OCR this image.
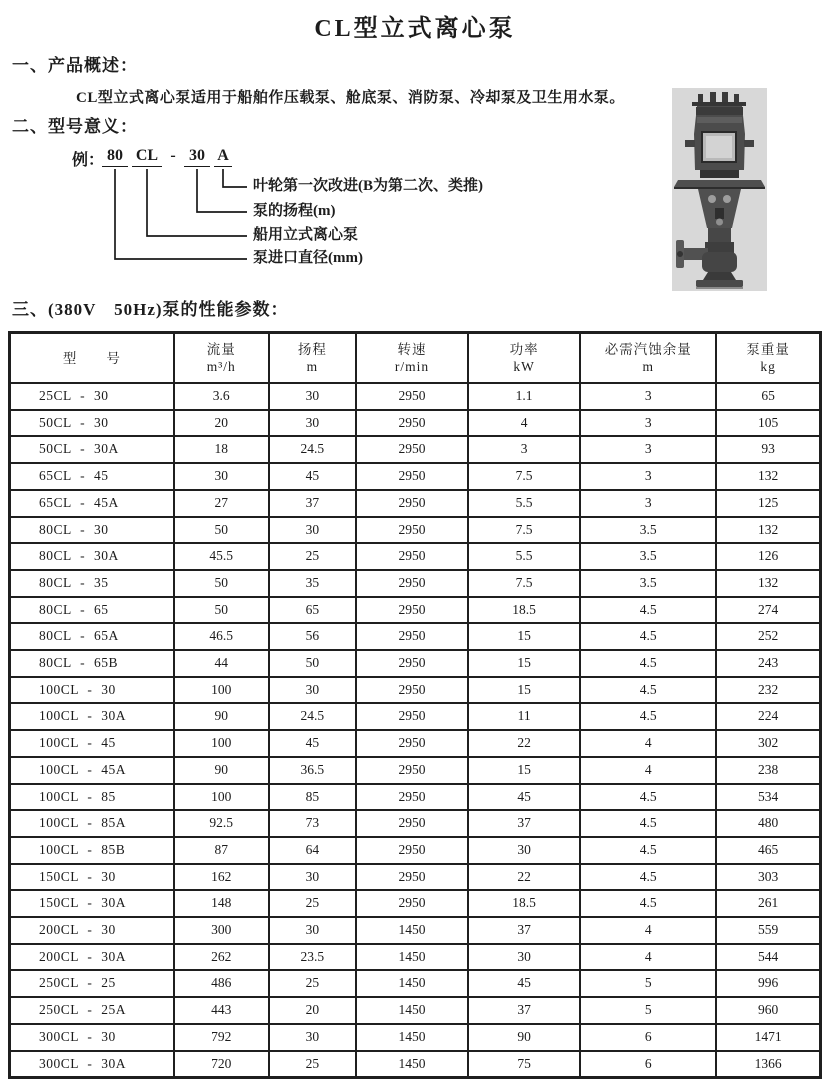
CL型立式离心泵
一、产品概述：
CL型立式离心泵适用于船舶作压载泵、舱底泵、消防泵、冷却泵及卫生用水泵。
二、型号意义：
例： 80 CL - 30 A
叶轮第一次改进(B为第二次、类推)
泵的扬程(m)
船用立式离心泵
泵进口直径(mm)
三、(380V　50Hz)泵的性能参数：
型　　号

流量
m³/h

扬程
m

转速
r/min

功率
kW

必需汽蚀余量
m

泵重量
kg

25CL - 30	3.6	30	2950	1.1	3	65
50CL - 30	20	30	2950	4	3	105
50CL - 30A	18	24.5	2950	3	3	93
65CL - 45	30	45	2950	7.5	3	132
65CL - 45A	27	37	2950	5.5	3	125
80CL - 30	50	30	2950	7.5	3.5	132
80CL - 30A	45.5	25	2950	5.5	3.5	126
80CL - 35	50	35	2950	7.5	3.5	132
80CL - 65	50	65	2950	18.5	4.5	274
80CL - 65A	46.5	56	2950	15	4.5	252
80CL - 65B	44	50	2950	15	4.5	243
100CL - 30	100	30	2950	15	4.5	232
100CL - 30A	90	24.5	2950	11	4.5	224
100CL - 45	100	45	2950	22	4	302
100CL - 45A	90	36.5	2950	15	4	238
100CL - 85	100	85	2950	45	4.5	534
100CL - 85A	92.5	73	2950	37	4.5	480
100CL - 85B	87	64	2950	30	4.5	465
150CL - 30	162	30	2950	22	4.5	303
150CL - 30A	148	25	2950	18.5	4.5	261
200CL - 30	300	30	1450	37	4	559
200CL - 30A	262	23.5	1450	30	4	544
250CL - 25	486	25	1450	45	5	996
250CL - 25A	443	20	1450	37	5	960
300CL - 30	792	30	1450	90	6	1471
300CL - 30A	720	25	1450	75	6	1366
